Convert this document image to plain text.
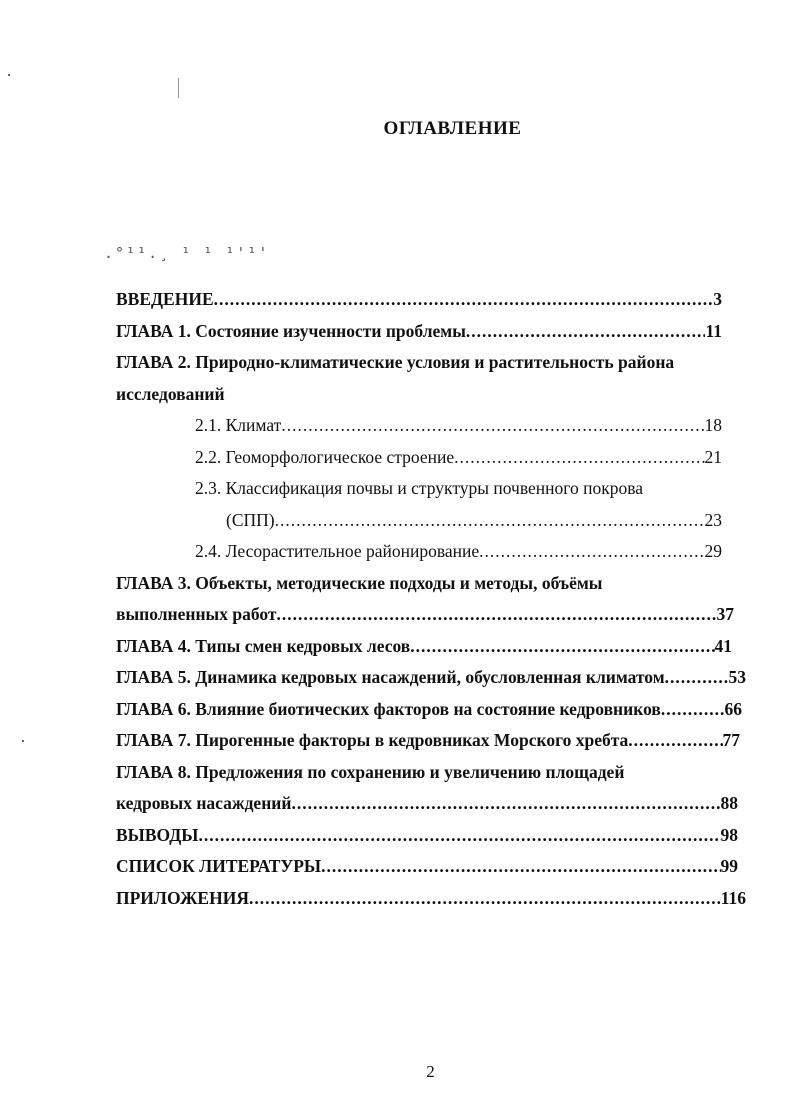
ОГЛАВЛЕНИЕ
.°¹¹.¸ ¹ ¹ ¹'¹'
ВВЕДЕНИЕ .....	3
ГЛАВА 1. Состояние изученности проблемы .....	11
ГЛАВА 2. Природно-климатические условия и растительность района
исследований
2.1. Климат .....	18
2.2. Геоморфологическое строение .....	21
2.3. Классификация почвы и структуры почвенного покрова
(СПП) .....	23
2.4. Лесорастительное районирование .....	29
ГЛАВА 3. Объекты, методические подходы и методы, объёмы
выполненных работ .....	37
ГЛАВА 4. Типы смен кедровых лесов .....	41
ГЛАВА 5. Динамика кедровых насаждений, обусловленная климатом .....	53
ГЛАВА 6. Влияние биотических факторов на состояние кедровников .....	66
ГЛАВА 7. Пирогенные факторы в кедровниках Морского хребта .....	77
ГЛАВА 8. Предложения по сохранению и увеличению площадей
кедровых насаждений .....	88
ВЫВОДЫ .....	98
СПИСОК ЛИТЕРАТУРЫ .....	99
ПРИЛОЖЕНИЯ .....	116
2
